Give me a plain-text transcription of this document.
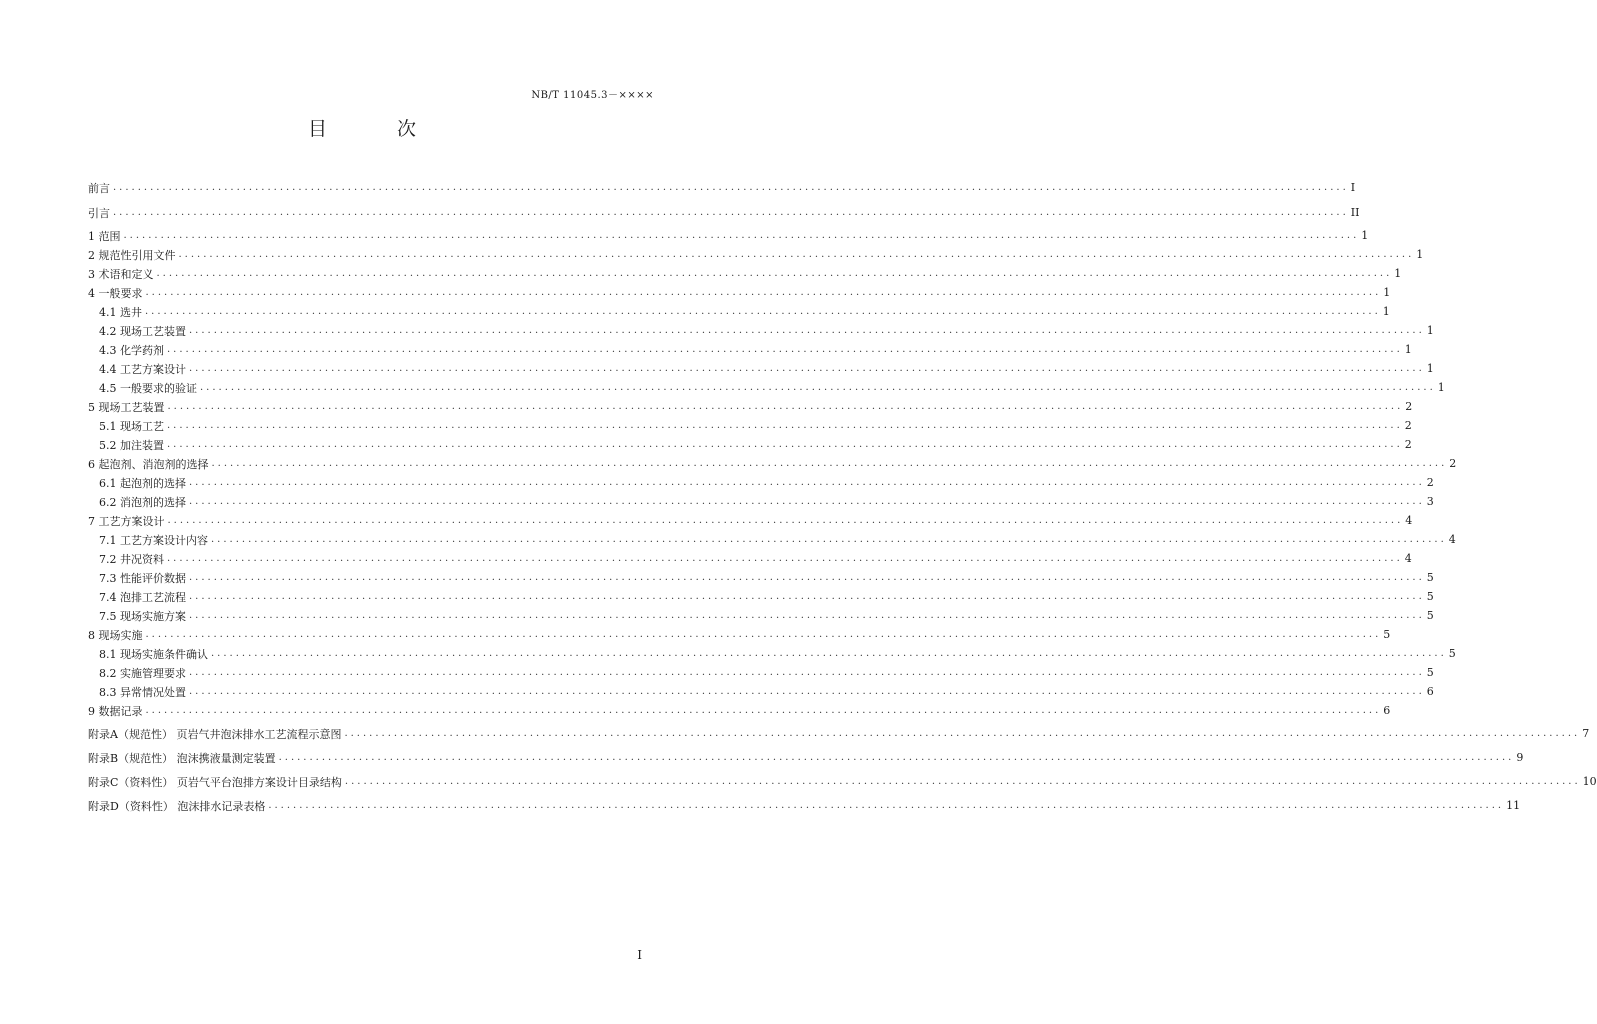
NB/T 11045.3－××××
目 次
前言 ........................................................................................................................................................................................................ I
引言 ........................................................................................................................................................................................................ II
1 范围 ........................................................................................................................................................................................................ 1
2 规范性引用文件 ........................................................................................................................................................................................................ 1
3 术语和定义 ........................................................................................................................................................................................................ 1
4 一般要求 ........................................................................................................................................................................................................ 1
4.1 选井 ........................................................................................................................................................................................................ 1
4.2 现场工艺装置 ........................................................................................................................................................................................................ 1
4.3 化学药剂 ........................................................................................................................................................................................................ 1
4.4 工艺方案设计 ........................................................................................................................................................................................................ 1
4.5 一般要求的验证 ........................................................................................................................................................................................................ 1
5 现场工艺装置 ........................................................................................................................................................................................................ 2
5.1 现场工艺 ........................................................................................................................................................................................................ 2
5.2 加注装置 ........................................................................................................................................................................................................ 2
6 起泡剂、消泡剂的选择 ........................................................................................................................................................................................................ 2
6.1 起泡剂的选择 ........................................................................................................................................................................................................ 2
6.2 消泡剂的选择 ........................................................................................................................................................................................................ 3
7 工艺方案设计 ........................................................................................................................................................................................................ 4
7.1 工艺方案设计内容 ........................................................................................................................................................................................................ 4
7.2 井况资料 ........................................................................................................................................................................................................ 4
7.3 性能评价数据 ........................................................................................................................................................................................................ 5
7.4 泡排工艺流程 ........................................................................................................................................................................................................ 5
7.5 现场实施方案 ........................................................................................................................................................................................................ 5
8 现场实施 ........................................................................................................................................................................................................ 5
8.1 现场实施条件确认 ........................................................................................................................................................................................................ 5
8.2 实施管理要求 ........................................................................................................................................................................................................ 5
8.3 异常情况处置 ........................................................................................................................................................................................................ 6
9 数据记录 ........................................................................................................................................................................................................ 6
附录A（规范性） 页岩气井泡沫排水工艺流程示意图 ........................................................................................................................................................................................................ 7
附录B（规范性） 泡沫携液量测定装置 ........................................................................................................................................................................................................ 9
附录C（资料性） 页岩气平台泡排方案设计目录结构 ........................................................................................................................................................................................................ 10
附录D（资料性） 泡沫排水记录表格 ........................................................................................................................................................................................................ 11
I
